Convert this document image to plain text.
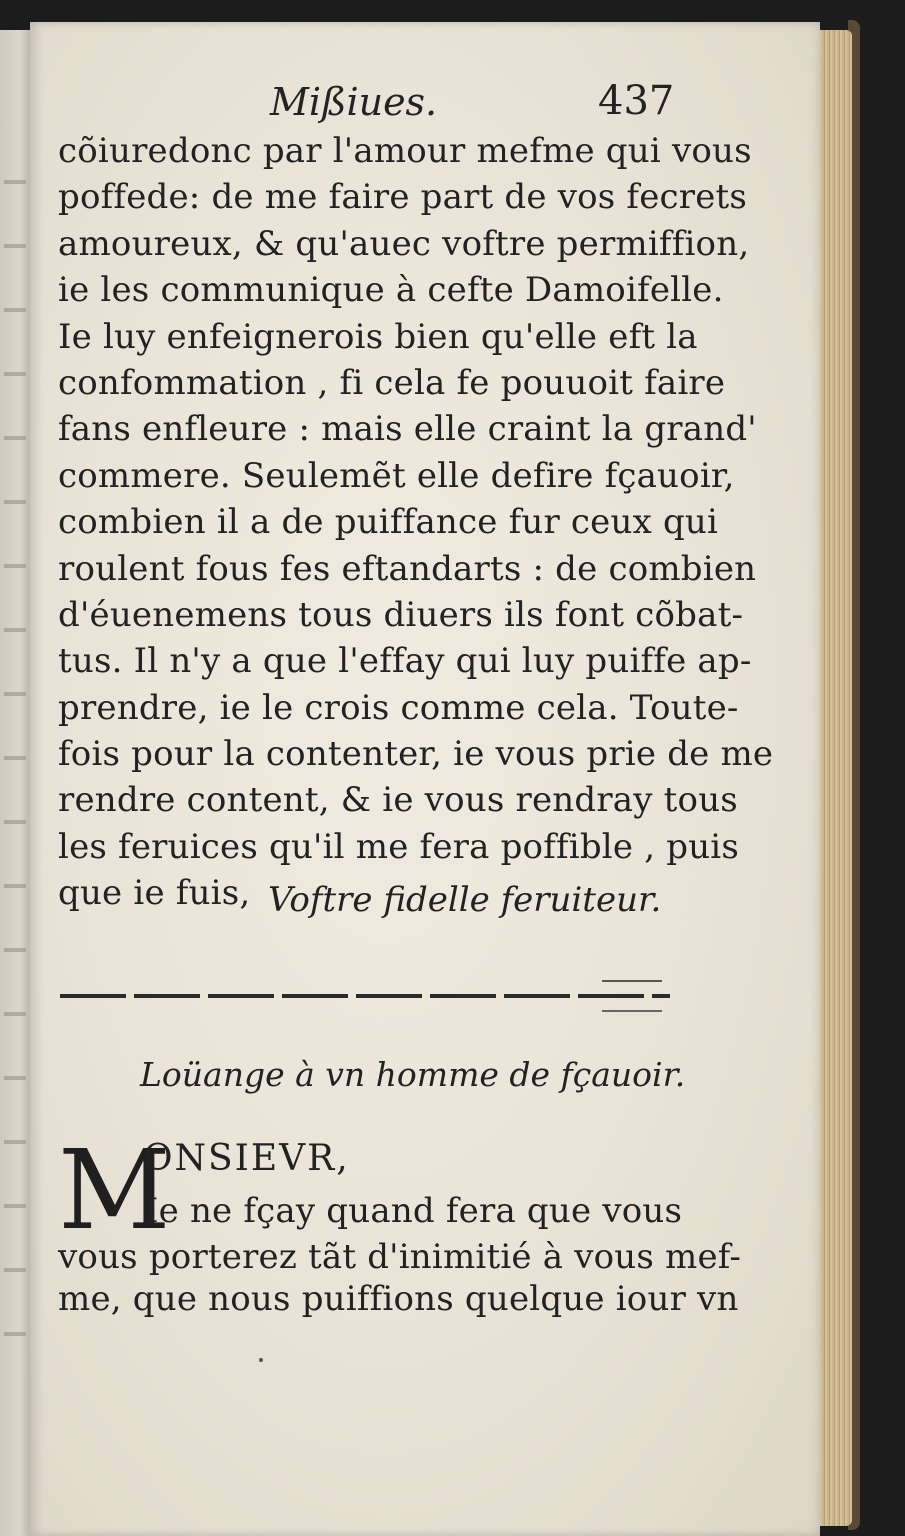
Mißiues.	437
cõiuredonc par l'amour mefme qui vous
poffede: de me faire part de vos fecrets
amoureux, & qu'auec voftre permiffion,
ie les communique à cefte Damoifelle.
Ie luy enfeignerois bien qu'elle eft la
confommation , fi cela fe pouuoit faire
fans enfleure : mais elle craint la grand'
commere. Seulemẽt elle defire fçauoir,
combien il a de puiffance fur ceux qui
roulent fous fes eftandarts : de combien
d'éuenemens tous diuers ils font cõbat-
tus. Il n'y a que l'effay qui luy puiffe ap-
prendre, ie le crois comme cela. Toute-
fois pour la contenter, ie vous prie de me
rendre content, & ie vous rendray tous
les feruices qu'il me fera poffible , puis
que ie fuis, Voftre fidelle feruiteur.
Loüange à vn homme de fçauoir.
M
ONSIEVR,
Ie ne fçay quand fera que vous
vous porterez tãt d'inimitié à vous mef-
me, que nous puiffions quelque iour vn
